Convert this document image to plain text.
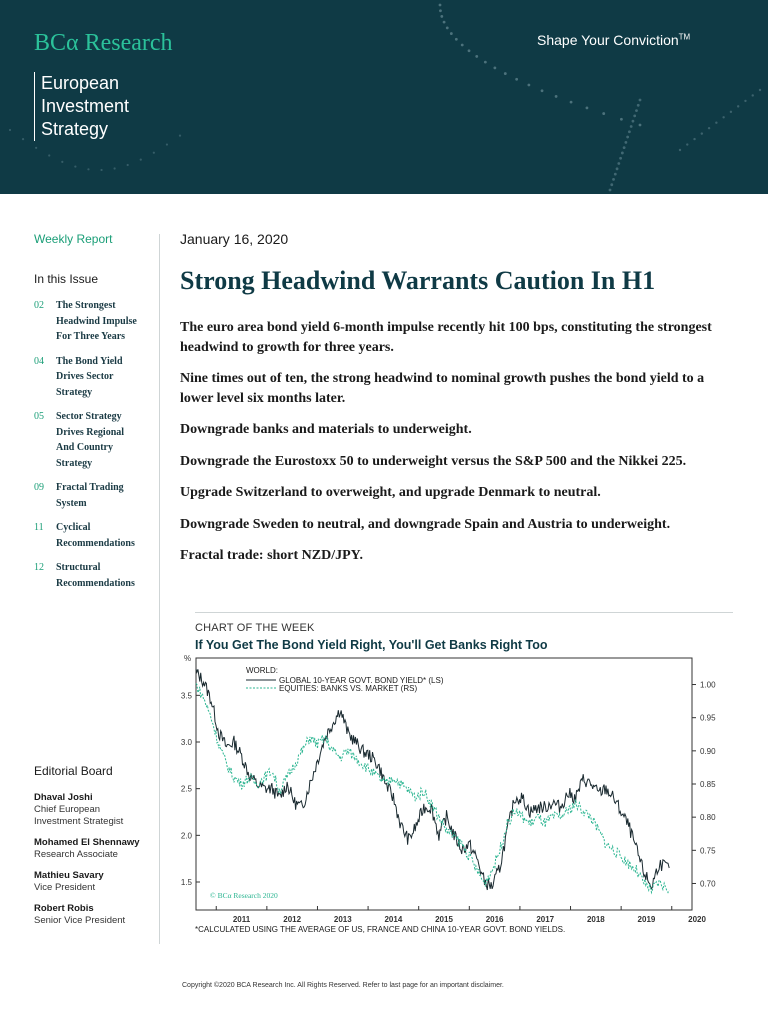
BCα Research	Shape Your Conviction™
European
Investment
Strategy
Weekly Report
In this Issue
02	The Strongest
Headwind Impulse
For Three Years
04	The Bond Yield
Drives Sector
Strategy
05	Sector Strategy
Drives Regional
And Country
Strategy
09	Fractal Trading
System
11	Cyclical
Recommendations
12	Structural
Recommendations
Editorial Board
Dhaval Joshi
Chief European
Investment Strategist
Mohamed El Shennawy
Research Associate
Mathieu Savary
Vice President
Robert Robis
Senior Vice President
January 16, 2020
Strong Headwind Warrants Caution In H1

The euro area bond yield 6-month impulse recently hit 100 bps, constituting the strongest headwind to growth for three years.

Nine times out of ten, the strong headwind to nominal growth pushes the bond yield to a lower level six months later.

Downgrade banks and materials to underweight.

Downgrade the Eurostoxx 50 to underweight versus the S&P 500 and the Nikkei 225.

Upgrade Switzerland to overweight, and upgrade Denmark to neutral.

Downgrade Sweden to neutral, and downgrade Spain and Austria to underweight.

Fractal trade: short NZD/JPY.

CHART OF THE WEEK
If You Get The Bond Yield Right, You'll Get Banks Right Too
%
1.5
2.0
2.5
3.0
3.5
0.70
0.75
0.80
0.85
0.90
0.95
1.00
2011	2012	2013	2014	2015	2016	2017	2018	2019	2020
WORLD:
GLOBAL 10-YEAR GOVT. BOND YIELD* (LS)
EQUITIES: BANKS VS. MARKET (RS)
© BCα Research 2020
*CALCULATED USING THE AVERAGE OF US, FRANCE AND CHINA 10-YEAR GOVT. BOND YIELDS.
Copyright ©2020 BCA Research Inc. All Rights Reserved. Refer to last page for an important disclaimer.
